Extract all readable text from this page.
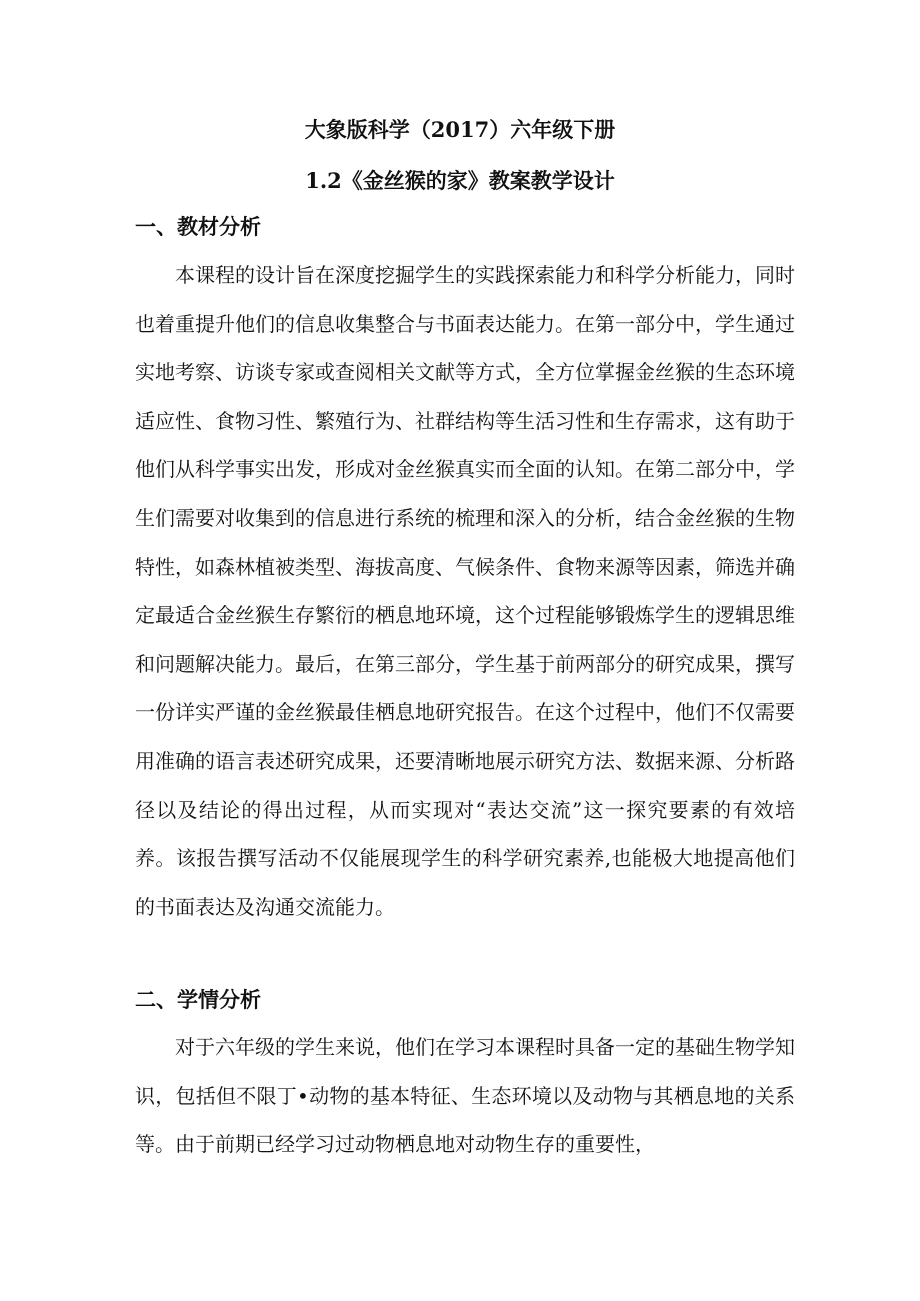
大象版科学（2017）六年级下册
1.2《金丝猴的家》教案教学设计
一、教材分析

本课程的设计旨在深度挖掘学生的实践探索能力和科学分析能力，同时也着重提升他们的信息收集整合与书面表达能力。在第一部分中，学生通过实地考察、访谈专家或查阅相关文献等方式，全方位掌握金丝猴的生态环境适应性、食物习性、繁殖行为、社群结构等生活习性和生存需求，这有助于他们从科学事实出发，形成对金丝猴真实而全面的认知。在第二部分中，学生们需要对收集到的信息进行系统的梳理和深入的分析，结合金丝猴的生物特性，如森林植被类型、海拔高度、气候条件、食物来源等因素，筛选并确定最适合金丝猴生存繁衍的栖息地环境，这个过程能够锻炼学生的逻辑思维和问题解决能力。最后，在第三部分，学生基于前两部分的研究成果，撰写一份详实严谨的金丝猴最佳栖息地研究报告。在这个过程中，他们不仅需要用准确的语言表述研究成果，还要清晰地展示研究方法、数据来源、分析路径以及结论的得出过程，从而实现对“表达交流”这一探究要素的有效培养。该报告撰写活动不仅能展现学生的科学研究素养,也能极大地提高他们的书面表达及沟通交流能力。

二、学情分析

对于六年级的学生来说，他们在学习本课程时具备一定的基础生物学知识，包括但不限丁•动物的基本特征、生态环境以及动物与其栖息地的关系等。由于前期已经学习过动物栖息地对动物生存的重要性，
